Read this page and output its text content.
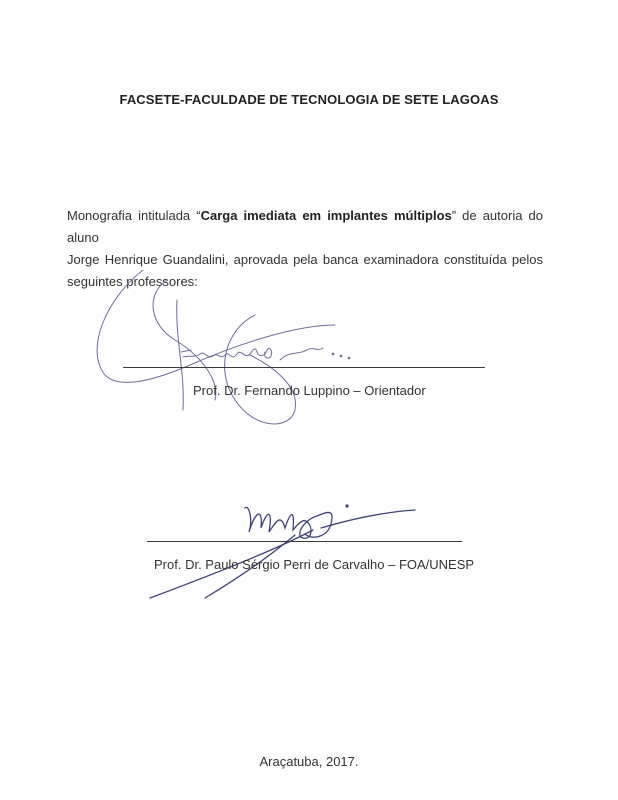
FACSETE-FACULDADE DE TECNOLOGIA DE SETE LAGOAS
Monografia intitulada “Carga imediata em implantes múltiplos” de autoria do aluno
Jorge Henrique Guandalini, aprovada pela banca examinadora constituída pelos
seguintes professores:
Prof. Dr. Fernando Luppino – Orientador
Prof. Dr. Paulo Sérgio Perri de Carvalho – FOA/UNESP
Araçatuba, 2017.
